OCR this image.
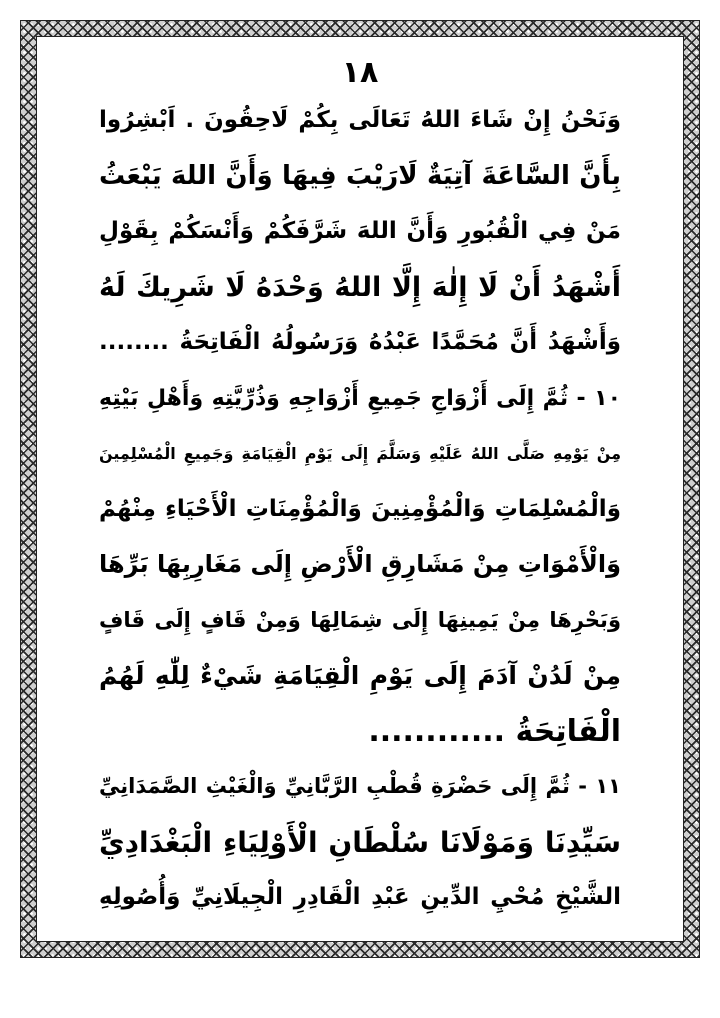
١٨
وَنَحْنُ إِنْ شَاءَ اللهُ تَعَالَى بِكُمْ لَاحِقُونَ . اَبْشِرُوا
بِأَنَّ السَّاعَةَ آتِيَةٌ لَارَيْبَ فِيهَا وَأَنَّ اللهَ يَبْعَثُ
مَنْ فِي الْقُبُورِ وَأَنَّ اللهَ شَرَّفَكُمْ وَأَنْسَكُمْ بِقَوْلِ
أَشْهَدُ أَنْ لَا إِلٰهَ إِلَّا اللهُ وَحْدَهُ لَا شَرِيكَ لَهُ
وَأَشْهَدُ أَنَّ مُحَمَّدًا عَبْدُهُ وَرَسُولُهُ الْفَاتِحَةُ ........
١٠ - ثُمَّ إِلَى أَزْوَاجِ جَمِيعِ أَزْوَاجِهِ وَذُرِّيَّتِهِ وَأَهْلِ بَيْتِهِ
مِنْ يَوْمِهِ صَلَّى اللهُ عَلَيْهِ وَسَلَّمَ إِلَى يَوْمِ الْقِيَامَةِ وَجَمِيعِ الْمُسْلِمِينَ
وَالْمُسْلِمَاتِ وَالْمُؤْمِنِينَ وَالْمُؤْمِنَاتِ الْأَحْيَاءِ مِنْهُمْ
وَالْأَمْوَاتِ مِنْ مَشَارِقِ الْأَرْضِ إِلَى مَغَارِبِهَا بَرِّهَا
وَبَحْرِهَا مِنْ يَمِينِهَا إِلَى شِمَالِهَا وَمِنْ قَافٍ إِلَى قَافٍ
مِنْ لَدُنْ آدَمَ إِلَى يَوْمِ الْقِيَامَةِ شَيْءٌ لِلّٰهِ لَهُمُ
الْفَاتِحَةُ ............
١١ - ثُمَّ إِلَى حَضْرَةِ قُطْبِ الرَّبَّانِيِّ وَالْغَيْثِ الصَّمَدَانِيِّ
سَيِّدِنَا وَمَوْلَانَا سُلْطَانِ الْأَوْلِيَاءِ الْبَغْدَادِيِّ
الشَّيْخِ مُحْيِ الدِّينِ عَبْدِ الْقَادِرِ الْجِيلَانِيِّ وَأُصُولِهِ
